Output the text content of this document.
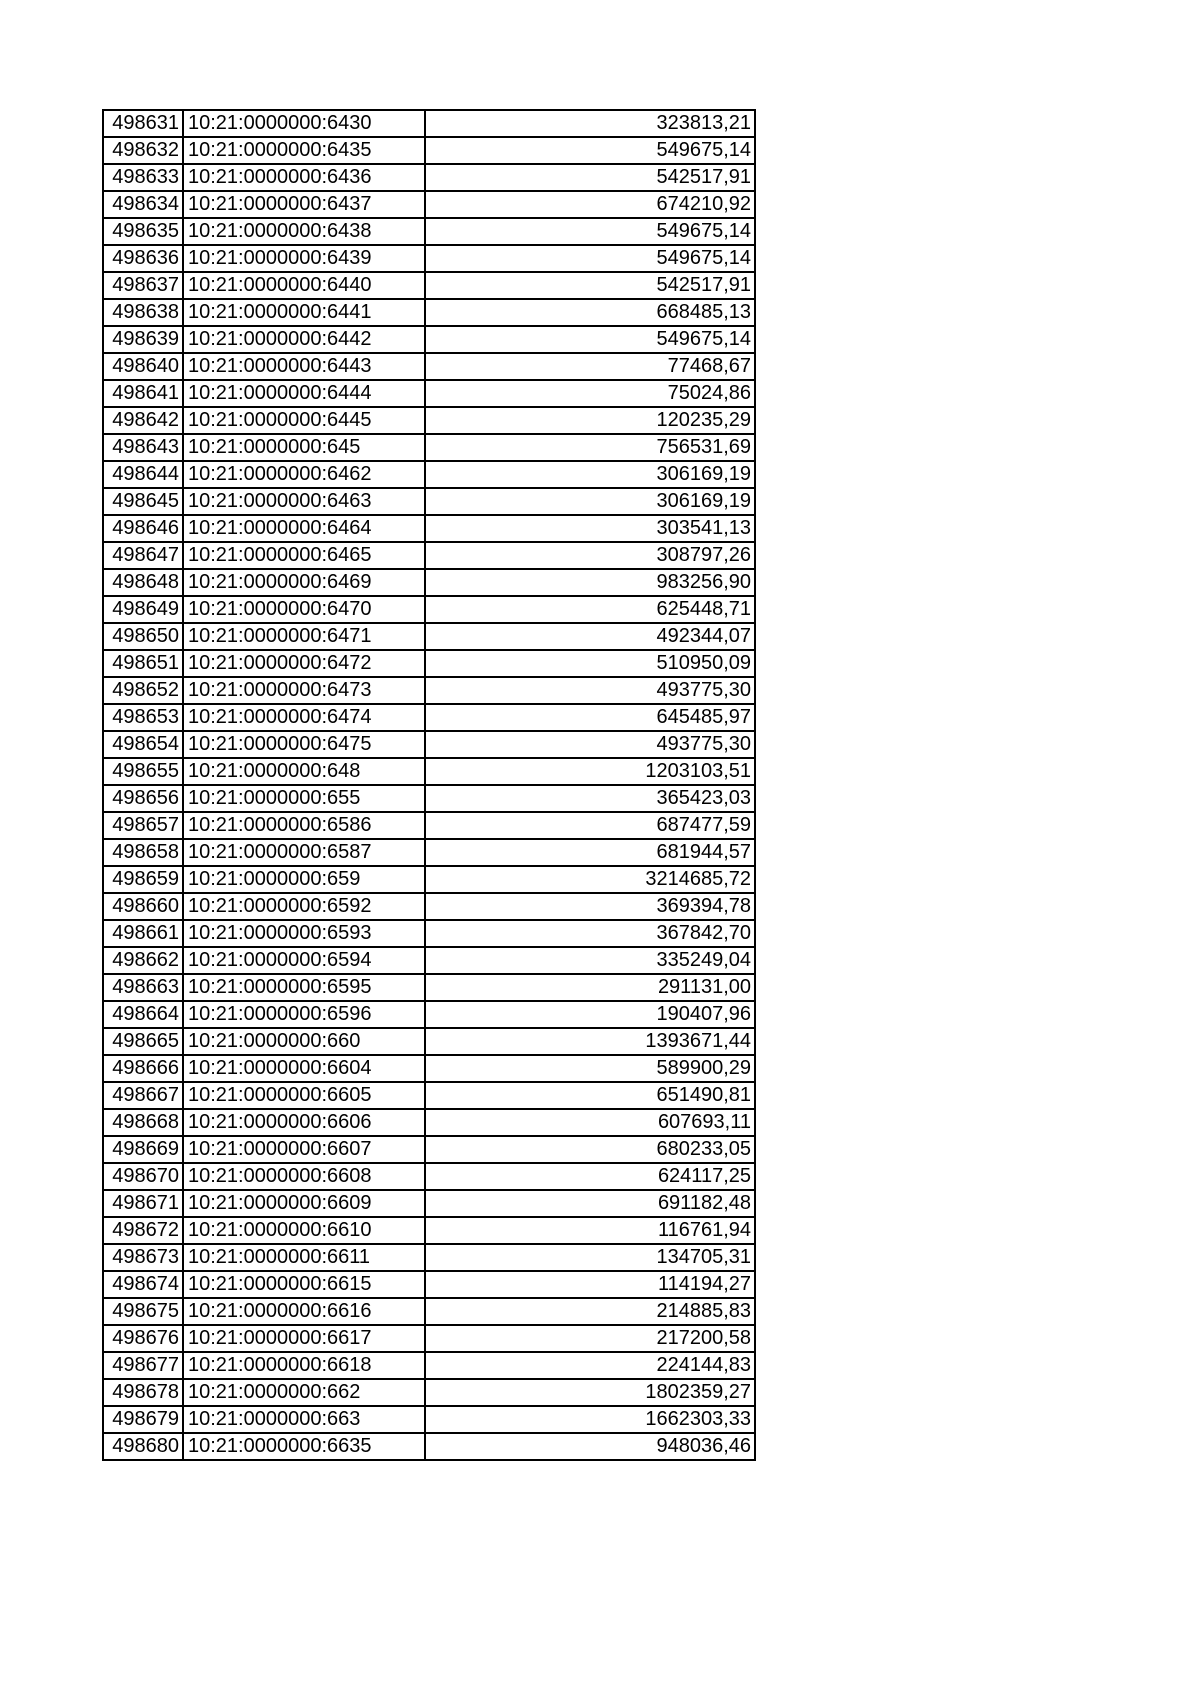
498631	10:21:0000000:6430	323813,21
498632	10:21:0000000:6435	549675,14
498633	10:21:0000000:6436	542517,91
498634	10:21:0000000:6437	674210,92
498635	10:21:0000000:6438	549675,14
498636	10:21:0000000:6439	549675,14
498637	10:21:0000000:6440	542517,91
498638	10:21:0000000:6441	668485,13
498639	10:21:0000000:6442	549675,14
498640	10:21:0000000:6443	77468,67
498641	10:21:0000000:6444	75024,86
498642	10:21:0000000:6445	120235,29
498643	10:21:0000000:645	756531,69
498644	10:21:0000000:6462	306169,19
498645	10:21:0000000:6463	306169,19
498646	10:21:0000000:6464	303541,13
498647	10:21:0000000:6465	308797,26
498648	10:21:0000000:6469	983256,90
498649	10:21:0000000:6470	625448,71
498650	10:21:0000000:6471	492344,07
498651	10:21:0000000:6472	510950,09
498652	10:21:0000000:6473	493775,30
498653	10:21:0000000:6474	645485,97
498654	10:21:0000000:6475	493775,30
498655	10:21:0000000:648	1203103,51
498656	10:21:0000000:655	365423,03
498657	10:21:0000000:6586	687477,59
498658	10:21:0000000:6587	681944,57
498659	10:21:0000000:659	3214685,72
498660	10:21:0000000:6592	369394,78
498661	10:21:0000000:6593	367842,70
498662	10:21:0000000:6594	335249,04
498663	10:21:0000000:6595	291131,00
498664	10:21:0000000:6596	190407,96
498665	10:21:0000000:660	1393671,44
498666	10:21:0000000:6604	589900,29
498667	10:21:0000000:6605	651490,81
498668	10:21:0000000:6606	607693,11
498669	10:21:0000000:6607	680233,05
498670	10:21:0000000:6608	624117,25
498671	10:21:0000000:6609	691182,48
498672	10:21:0000000:6610	116761,94
498673	10:21:0000000:6611	134705,31
498674	10:21:0000000:6615	114194,27
498675	10:21:0000000:6616	214885,83
498676	10:21:0000000:6617	217200,58
498677	10:21:0000000:6618	224144,83
498678	10:21:0000000:662	1802359,27
498679	10:21:0000000:663	1662303,33
498680	10:21:0000000:6635	948036,46
